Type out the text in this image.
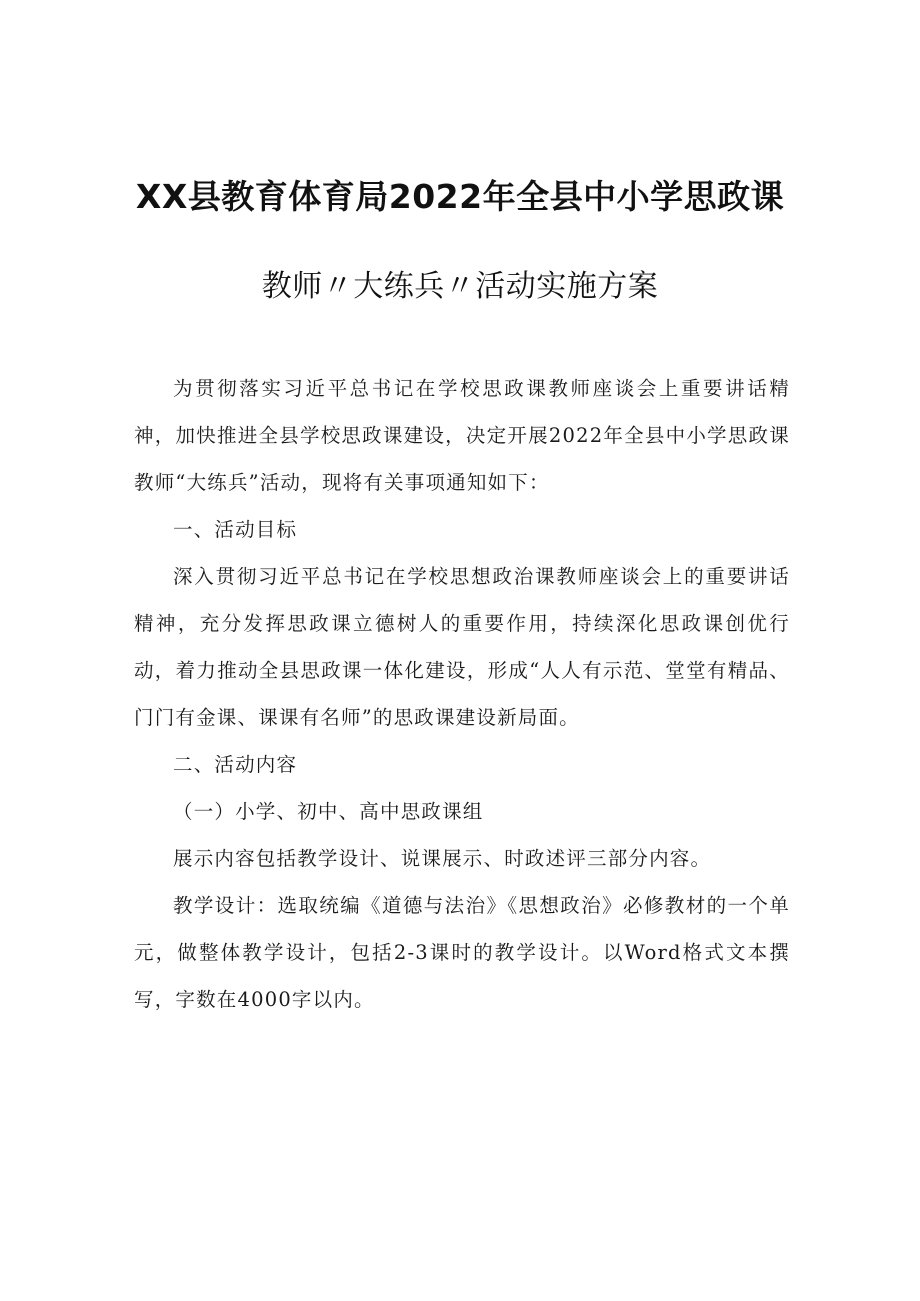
XX县教育体育局2022年全县中小学思政课
教师〃大练兵〃活动实施方案

为贯彻落实习近平总书记在学校思政课教师座谈会上重要讲话精神，加快推进全县学校思政课建设，决定开展2022年全县中小学思政课教师“大练兵”活动，现将有关事项通知如下：

一、活动目标

深入贯彻习近平总书记在学校思想政治课教师座谈会上的重要讲话精神，充分发挥思政课立德树人的重要作用，持续深化思政课创优行动，着力推动全县思政课一体化建设，形成“人人有示范、堂堂有精品、门门有金课、课课有名师”的思政课建设新局面。

二、活动内容

（一）小学、初中、高中思政课组

展示内容包括教学设计、说课展示、时政述评三部分内容。

教学设计：选取统编《道德与法治》《思想政治》必修教材的一个单元，做整体教学设计，包括2-3课时的教学设计。以Word格式文本撰写，字数在4000字以内。
